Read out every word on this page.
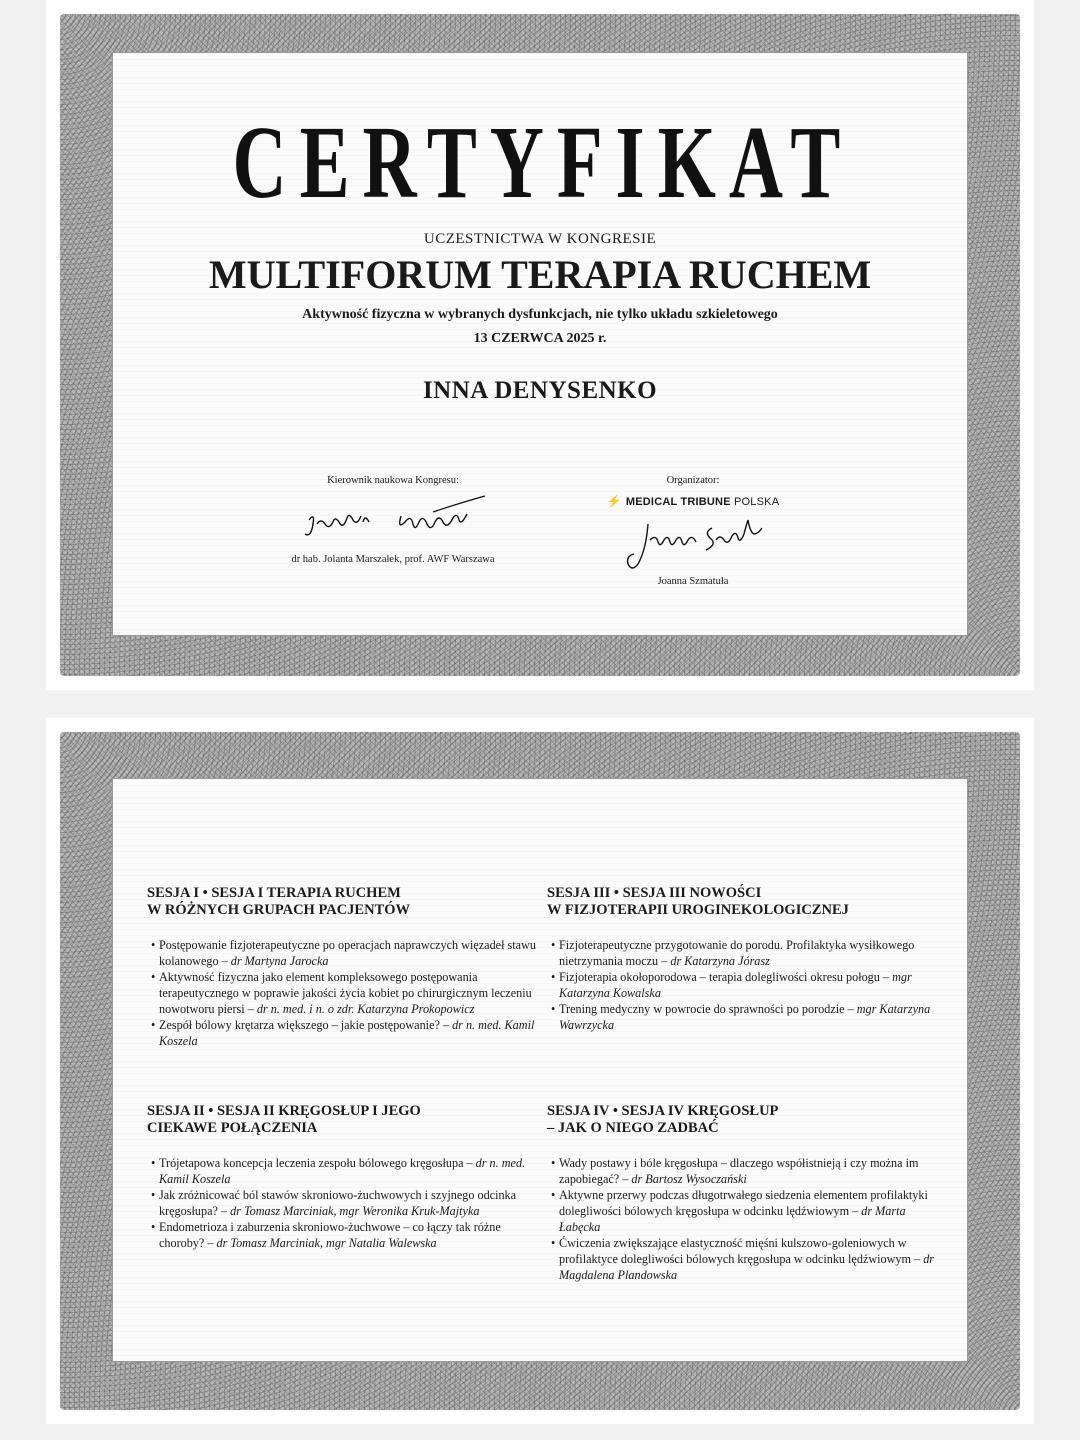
CERTYFIKAT
UCZESTNICTWA W KONGRESIE
MULTIFORUM TERAPIA RUCHEM
Aktywność fizyczna w wybranych dysfunkcjach, nie tylko układu szkieletowego
13 CZERWCA 2025 r.
INNA DENYSENKO
Kierownik naukowa Kongresu:
dr hab. Jolanta Marszałek, prof. AWF Warszawa
Organizator:
⚡ MEDICAL TRIBUNE POLSKA
Joanna Szmatuła
SESJA I • SESJA I TERAPIA RUCHEM
W RÓŻNYCH GRUPACH PACJENTÓW

• Postępowanie fizjoterapeutyczne po operacjach naprawczych więzadeł stawu kolanowego – dr Martyna Jarocka

• Aktywność fizyczna jako element kompleksowego postępowania terapeutycznego w poprawie jakości życia kobiet po chirurgicznym leczeniu nowotworu piersi – dr n. med. i n. o zdr. Katarzyna Prokopowicz

• Zespół bólowy krętarza większego – jakie postępowanie? – dr n. med. Kamil Koszela

SESJA III • SESJA III NOWOŚCI
W FIZJOTERAPII UROGINEKOLOGICZNEJ

• Fizjoterapeutyczne przygotowanie do porodu. Profilaktyka wysiłkowego nietrzymania moczu – dr Katarzyna Jórasz

• Fizjoterapia okołoporodowa – terapia dolegliwości okresu połogu – mgr Katarzyna Kowalska

• Trening medyczny w powrocie do sprawności po porodzie – mgr Katarzyna Wawrzycka

SESJA II • SESJA II KRĘGOSŁUP I JEGO
CIEKAWE POŁĄCZENIA

• Trójetapowa koncepcja leczenia zespołu bólowego kręgosłupa – dr n. med. Kamil Koszela

• Jak zróżnicować ból stawów skroniowo-żuchwowych i szyjnego odcinka kręgosłupa? – dr Tomasz Marciniak, mgr Weronika Kruk-Majtyka

• Endometrioza i zaburzenia skroniowo-żuchwowe – co łączy tak różne choroby? – dr Tomasz Marciniak, mgr Natalia Walewska

SESJA IV • SESJA IV KRĘGOSŁUP
– JAK O NIEGO ZADBAĆ

• Wady postawy i bóle kręgosłupa – dlaczego współistnieją i czy można im zapobiegać? – dr Bartosz Wysoczański

• Aktywne przerwy podczas długotrwałego siedzenia elementem profilaktyki dolegliwości bólowych kręgosłupa w odcinku lędźwiowym – dr Marta Łabęcka

• Ćwiczenia zwiększające elastyczność mięśni kulszowo-goleniowych w profilaktyce dolegliwości bólowych kręgosłupa w odcinku lędźwiowym – dr Magdalena Plandowska
